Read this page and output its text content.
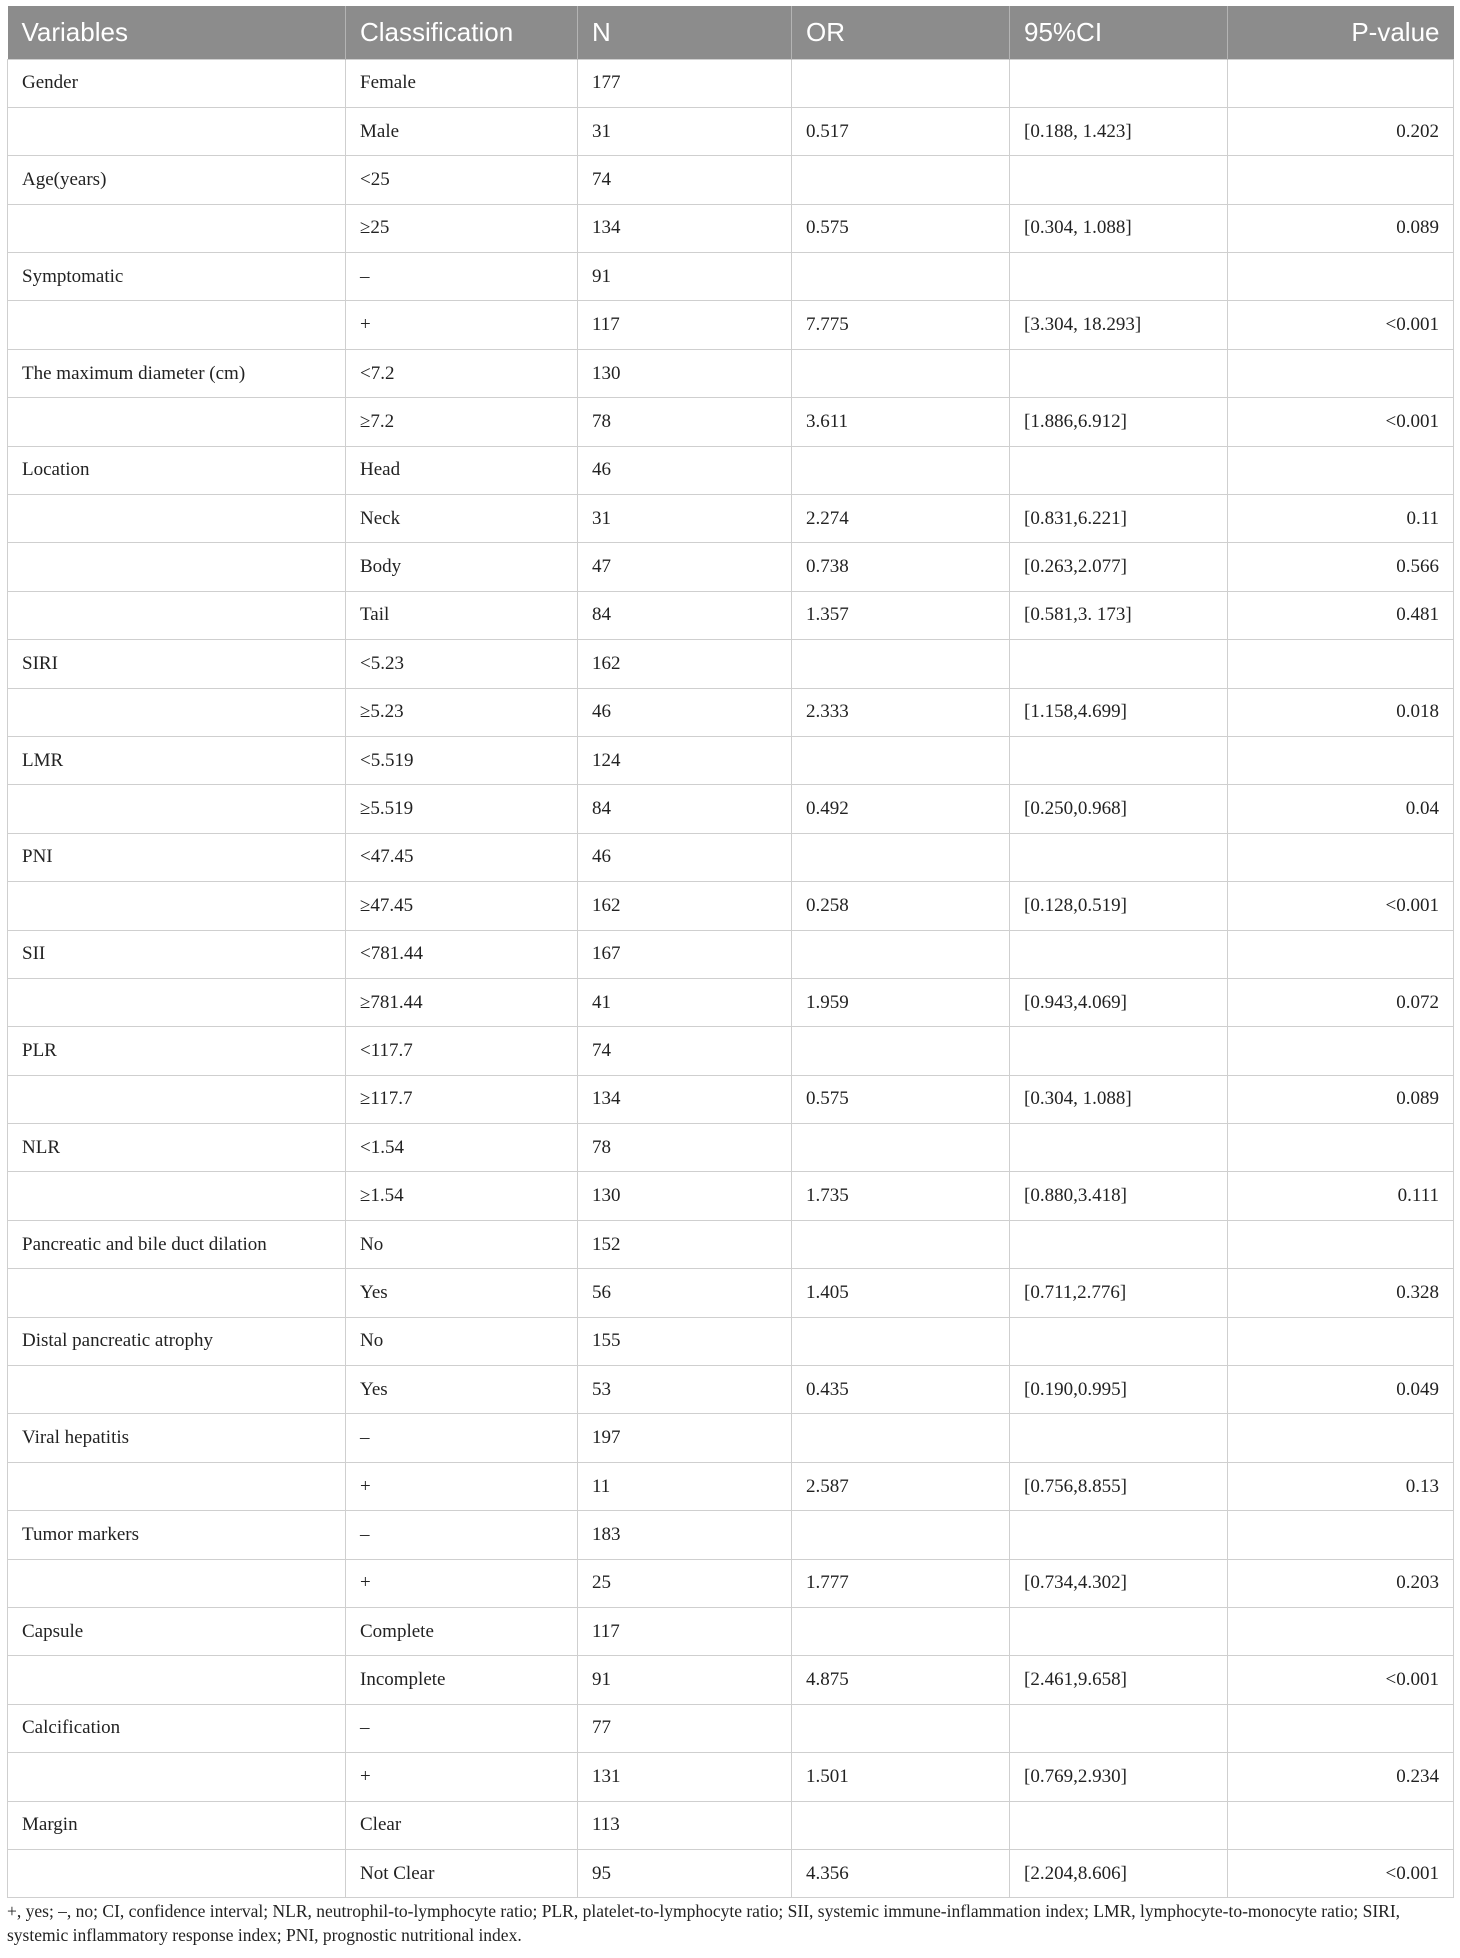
Variables	Classification	N	OR	95%CI	P-value
Gender	Female	177			
	Male	31	0.517	[0.188, 1.423]	0.202
Age(years)	<25	74			
	≥25	134	0.575	[0.304, 1.088]	0.089
Symptomatic	–	91			
	+	117	7.775	[3.304, 18.293]	<0.001
The maximum diameter (cm)	<7.2	130			
	≥7.2	78	3.611	[1.886,6.912]	<0.001
Location	Head	46			
	Neck	31	2.274	[0.831,6.221]	0.11
	Body	47	0.738	[0.263,2.077]	0.566
	Tail	84	1.357	[0.581,3. 173]	0.481
SIRI	<5.23	162			
	≥5.23	46	2.333	[1.158,4.699]	0.018
LMR	<5.519	124			
	≥5.519	84	0.492	[0.250,0.968]	0.04
PNI	<47.45	46			
	≥47.45	162	0.258	[0.128,0.519]	<0.001
SII	<781.44	167			
	≥781.44	41	1.959	[0.943,4.069]	0.072
PLR	<117.7	74			
	≥117.7	134	0.575	[0.304, 1.088]	0.089
NLR	<1.54	78			
	≥1.54	130	1.735	[0.880,3.418]	0.111
Pancreatic and bile duct dilation	No	152			
	Yes	56	1.405	[0.711,2.776]	0.328
Distal pancreatic atrophy	No	155			
	Yes	53	0.435	[0.190,0.995]	0.049
Viral hepatitis	–	197			
	+	11	2.587	[0.756,8.855]	0.13
Tumor markers	–	183			
	+	25	1.777	[0.734,4.302]	0.203
Capsule	Complete	117			
	Incomplete	91	4.875	[2.461,9.658]	<0.001
Calcification	–	77			
	+	131	1.501	[0.769,2.930]	0.234
Margin	Clear	113			
	Not Clear	95	4.356	[2.204,8.606]	<0.001
+, yes; –, no; CI, confidence interval; NLR, neutrophil-to-lymphocyte ratio; PLR, platelet-to-lymphocyte ratio; SII, systemic immune-inflammation index; LMR, lymphocyte-to-monocyte ratio; SIRI, systemic inflammatory response index; PNI, prognostic nutritional index.
